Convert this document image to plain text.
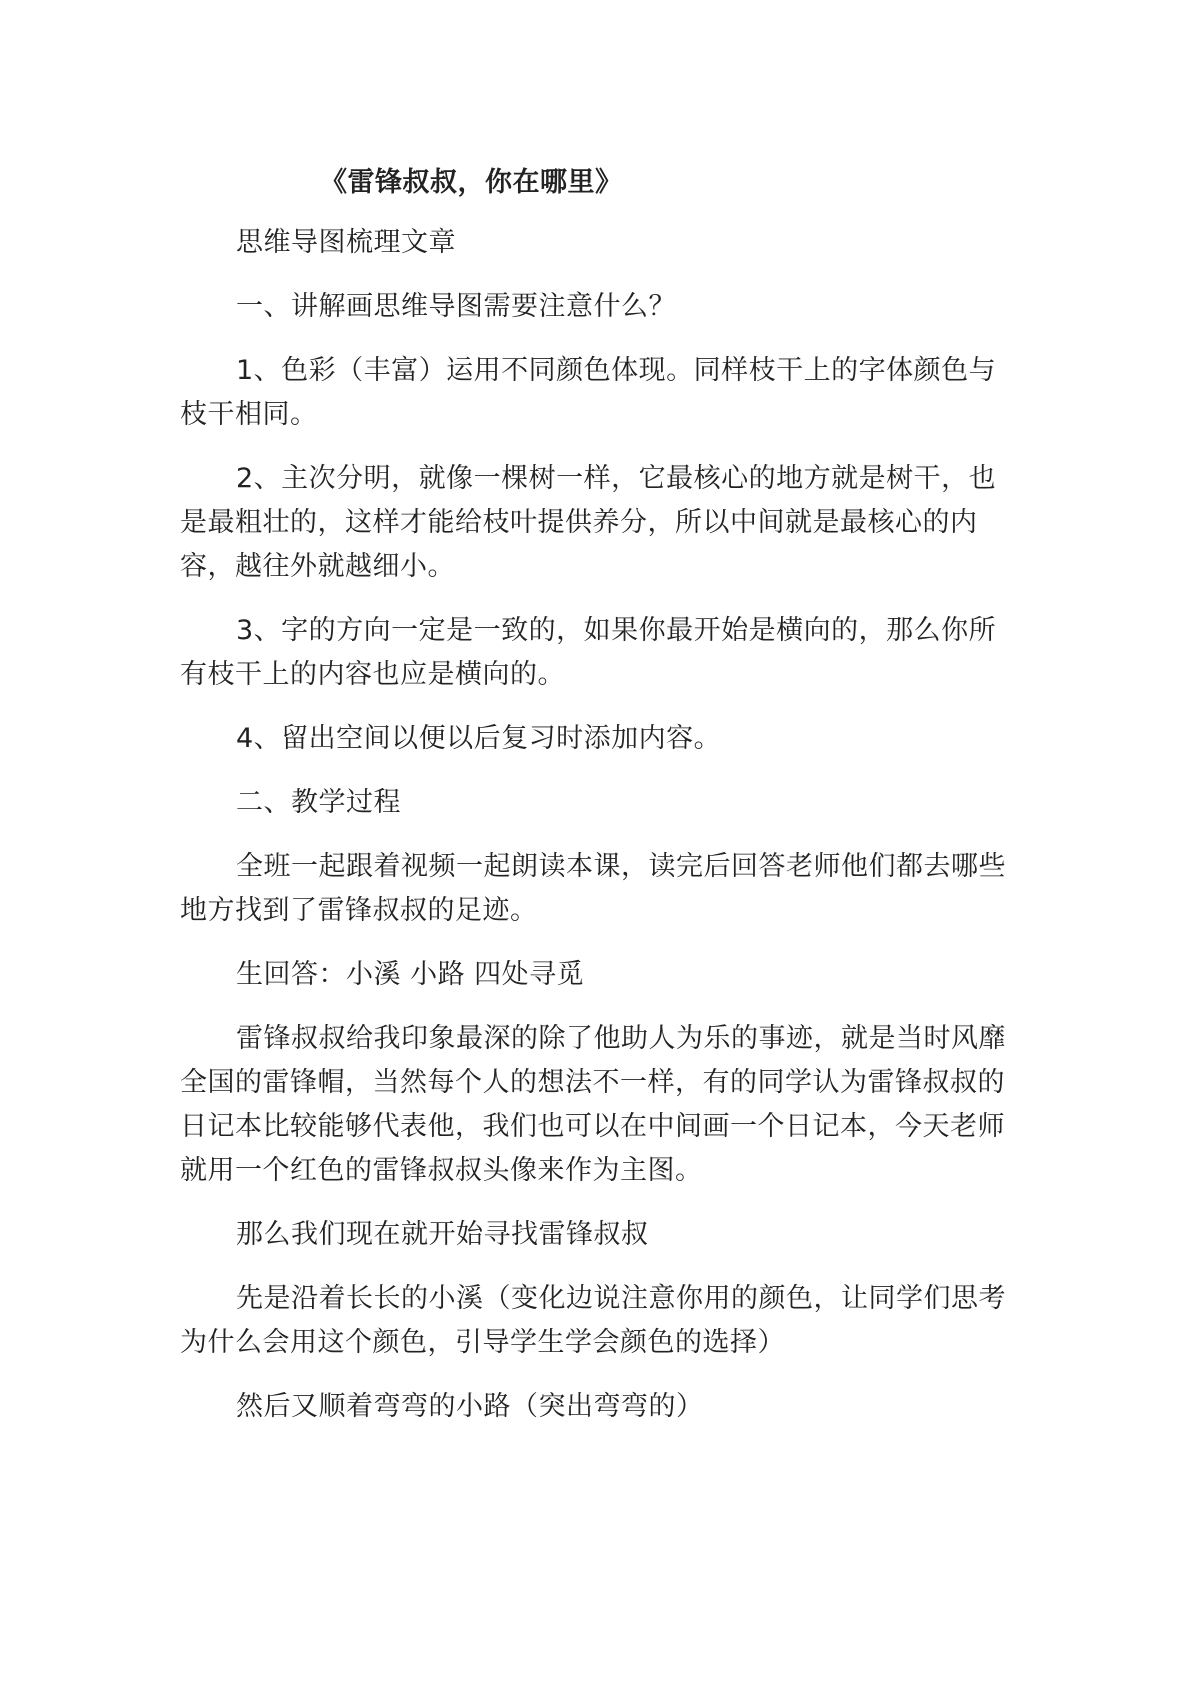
《雷锋叔叔，你在哪里》

思维导图梳理文章

一、讲解画思维导图需要注意什么？

1、色彩（丰富）运用不同颜色体现。同样枝干上的字体颜色与枝干相同。

2、主次分明，就像一棵树一样，它最核心的地方就是树干，也是最粗壮的，这样才能给枝叶提供养分，所以中间就是最核心的内容，越往外就越细小。

3、字的方向一定是一致的，如果你最开始是横向的，那么你所有枝干上的内容也应是横向的。

4、留出空间以便以后复习时添加内容。

二、教学过程

全班一起跟着视频一起朗读本课，读完后回答老师他们都去哪些地方找到了雷锋叔叔的足迹。

生回答：小溪 小路 四处寻觅

雷锋叔叔给我印象最深的除了他助人为乐的事迹，就是当时风靡全国的雷锋帽，当然每个人的想法不一样，有的同学认为雷锋叔叔的日记本比较能够代表他，我们也可以在中间画一个日记本，今天老师就用一个红色的雷锋叔叔头像来作为主图。

那么我们现在就开始寻找雷锋叔叔

先是沿着长长的小溪（变化边说注意你用的颜色，让同学们思考为什么会用这个颜色，引导学生学会颜色的选择）

然后又顺着弯弯的小路（突出弯弯的）
